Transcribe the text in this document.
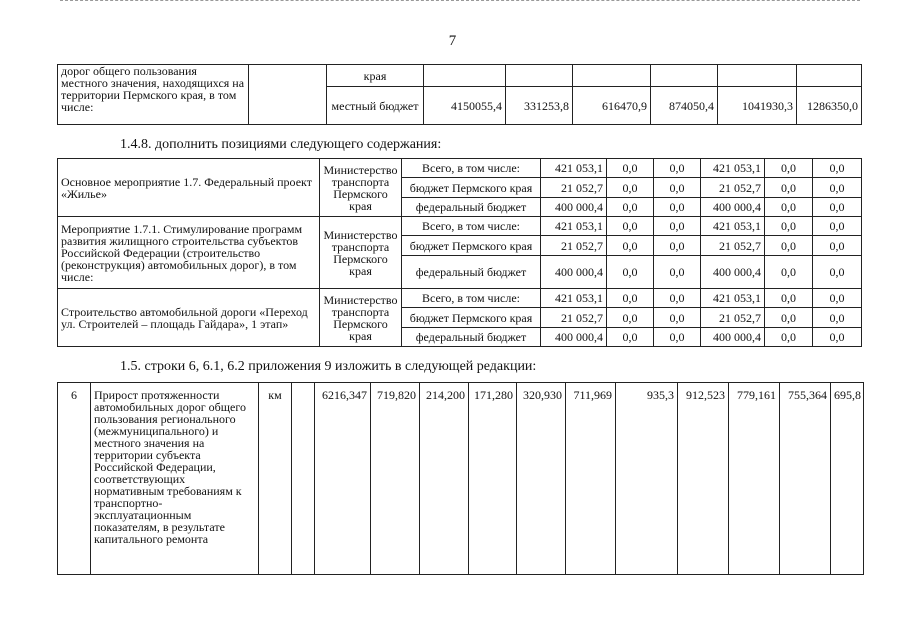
7
дорог общего пользования местного значения, находящихся на территории Пермского края, в том числе:		края						
		местный бюджет	4150055,4	331253,8	616470,9	874050,4	1041930,3	1286350,0
1.4.8. дополнить позициями следующего содержания:
Основное мероприятие 1.7. Федеральный проект «Жилье»	Министерство транспорта Пермского края	Всего, в том числе:	421 053,1	0,0	0,0	421 053,1	0,0	0,0
		бюджет Пермского края	21 052,7	0,0	0,0	21 052,7	0,0	0,0
		федеральный бюджет	400 000,4	0,0	0,0	400 000,4	0,0	0,0
Мероприятие 1.7.1. Стимулирование программ развития жилищного строительства субъектов Российской Федерации (строительство (реконструкция) автомобильных дорог), в том числе:	Министерство транспорта Пермского края	Всего, в том числе:	421 053,1	0,0	0,0	421 053,1	0,0	0,0
		бюджет Пермского края	21 052,7	0,0	0,0	21 052,7	0,0	0,0
		федеральный бюджет	400 000,4	0,0	0,0	400 000,4	0,0	0,0
Строительство автомобильной дороги «Переход ул. Строителей – площадь Гайдара», 1 этап»	Министерство транспорта Пермского края	Всего, в том числе:	421 053,1	0,0	0,0	421 053,1	0,0	0,0
		бюджет Пермского края	21 052,7	0,0	0,0	21 052,7	0,0	0,0
		федеральный бюджет	400 000,4	0,0	0,0	400 000,4	0,0	0,0
1.5. строки 6, 6.1, 6.2 приложения 9 изложить в следующей редакции:
6	Прирост протяженности автомобильных дорог общего пользования регионального (межмуниципального) и местного значения на территории субъекта Российской Федерации, соответствующих нормативным требованиям к транспортно-эксплуатационным показателям, в результате капитального ремонта	км		6216,347	719,820	214,200	171,280	320,930	711,969	935,3	912,523	779,161	755,364	695,8
